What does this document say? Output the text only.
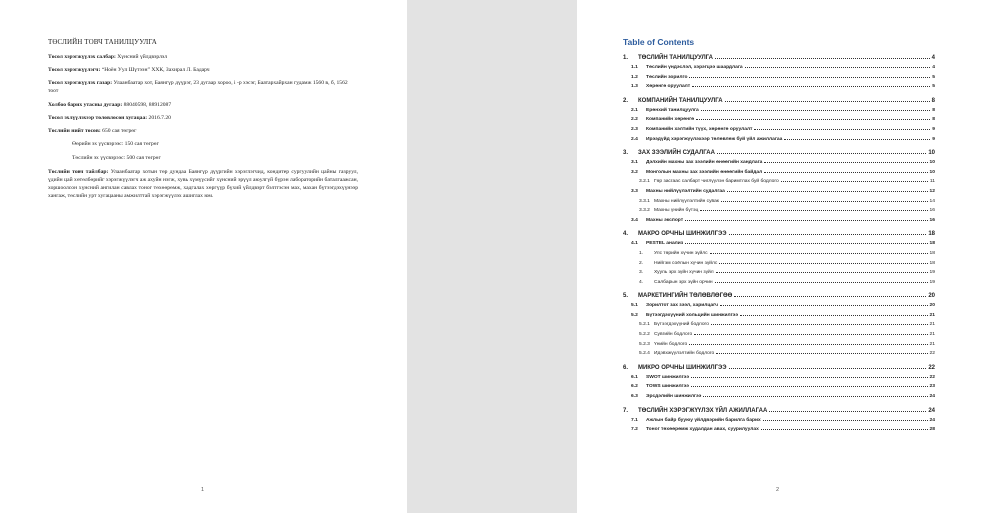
ТӨСЛИЙН ТОВЧ ТАНИЛЦУУЛГА
Төсөл хэрэгжүүлэх салбар: Хүнсний үйлдвэрлэл
Төсөл хэрэгжүүлэгч: “Ноён Уул Шүтээн” ХХК, Захирал Л. Бадарч
Төсөл хэрэгжүүлэх газар: Улаанбаатар хот, Баянгүр дүүрэг, 23 дугаар хороо, i -р хэсэг, Баатархайрхан гудамж 1560 в, б, 1562 тоот
Холбоо барих утасны дугаар: 88040598, 88912087
Төсөл эхлүүлэхээр төлөвлөсөн хугацаа: 2016.7.20
Төслийн нийт төсөв: 650 сая төгрөг
Өөрийн эх үүсвэрээс: 150 сая төгрөг
Төслийн эх үүсвэрээс: 500 сая төгрөг
Төслийн товч тайлбар: Улаанбаатар хотын төр дундаа Баянгүр дүүргийн хэрэглэгчид, кондитер сургуулийн цайны газруул, үдийн цай хөтөлбөрийг хэрэгжүүлэгч аж ахуйн нэгж, хувь хүмүүсийг хүнсний эрүүл аюулгүй бүрэн лабораторийн баталгаажсан, хоршоолсон хүнсний ангилан савлах тоног төхөөрөмж, хадгалах хөргүүр бүхий үйлдвэрт бэлтгэсэн мах, махан бүтээгдэхүүнээр хангаж, төслийн урт хугацааны амжилттай хэрэгжүүлэх ашиглах юм.
1
Table of Contents
1. ТӨСЛИЙН ТАНИЛЦУУЛГА	4
1.1 Төслийн үндэслэл, хэрэгцээ шаардлага	4
1.2 Төслийн зорилго	5
1.3 Хөрөнгө оруулалт	5
2. КОМПАНИЙН ТАНИЛЦУУЛГА	8
2.1 Ерөнхий танилцуулга	8
2.2 Компанийн хөрөнгө	8
2.3 Компанийн хэлтийн түүх, хөрөнгө оруулалт	9
2.4 Ирээдүйд хэрэгжүүлэхээр төлөвлөж буй үйл ажиллагаа	9
3. ЗАХ ЗЭЭЛИЙН СУДАЛГАА	10
3.1 Дэлхийн махны зах зээлийн өнөөгийн хандлага	10
3.2 Монголын махны зах зээлийн өнөөгийн байдал	10
3.2.1 Гөр засгаас салбарт чиглүүлэн баримтлах буй бодлого	11
3.3 Махны нийлүүлэлтийн судалгаа	12
3.3.1 Махны нийлүүлэлтийн сувак	14
3.3.2 Махны үнийн бүтэц	16
3.4 Махны экспорт	16
4. МАКРО ОРЧНЫ ШИНЖИЛГЭЭ	18
4.1 PESTEL анализ	18
1. Улс төрийн хүчин зүйлс	18
2. Нийгэм соёлын хүчин зүйлс	18
3. Хууль эрх зүйн хүчин зүйл	19
4. Салбарын эрх зүйн орчин	19
5. МАРКЕТИНГИЙН ТӨЛӨВЛӨГӨӨ	20
5.1 Зорилтот зах зээл, харилцагч	20
5.2 Бүтээгдэхүүний хольцийн шинжилгээ	21
5.2.1 Бүтээгдэхүүний бодлого	21
5.2.2 Сувгийн бодлого	21
5.2.3 Үнийн бодлого	21
5.2.4 Идэвхжүүлэлтийн бодлого	22
6. МИКРО ОРЧНЫ ШИНЖИЛГЭЭ	22
6.1 SWOT шинжилгээ	22
6.2 TOWS шинжилгээ	23
6.3 Эрсдэлийн шинжилгээ	24
7. ТӨСЛИЙН ХЭРЭГЖҮҮЛЭХ ҮЙЛ АЖИЛЛАГАА	24
7.1 Ажлын байр бууюу үйлдвэрийн барилга барих	24
7.2 Тоног төхөөрөмж худалдан авах, суурилуулах	28
2
